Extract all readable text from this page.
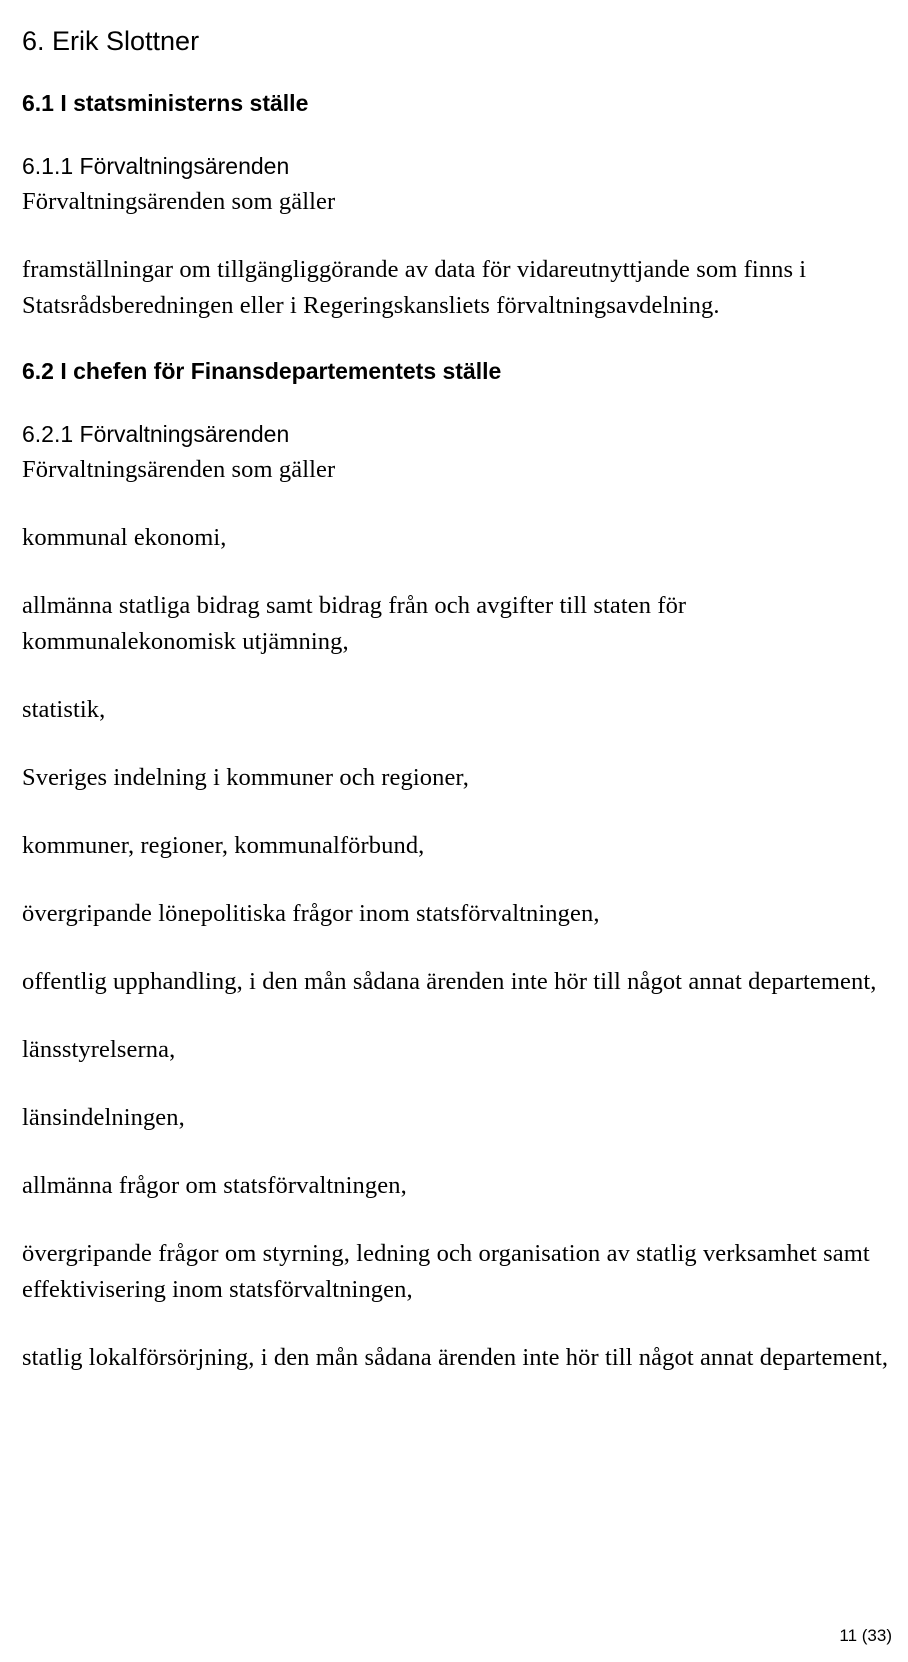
6. Erik Slottner
6.1 I statsministerns ställe
6.1.1 Förvaltningsärenden
Förvaltningsärenden som gäller
framställningar om tillgängliggörande av data för vidareutnyttjande som finns i Statsrådsberedningen eller i Regeringskansliets förvaltningsavdelning.
6.2 I chefen för Finansdepartementets ställe
6.2.1 Förvaltningsärenden
Förvaltningsärenden som gäller
kommunal ekonomi,
allmänna statliga bidrag samt bidrag från och avgifter till staten för kommunalekonomisk utjämning,
statistik,
Sveriges indelning i kommuner och regioner,
kommuner, regioner, kommunalförbund,
övergripande lönepolitiska frågor inom statsförvaltningen,
offentlig upphandling, i den mån sådana ärenden inte hör till något annat departement,
länsstyrelserna,
länsindelningen,
allmänna frågor om statsförvaltningen,
övergripande frågor om styrning, ledning och organisation av statlig verksamhet samt effektivisering inom statsförvaltningen,
statlig lokalförsörjning, i den mån sådana ärenden inte hör till något annat departement,
11 (33)
